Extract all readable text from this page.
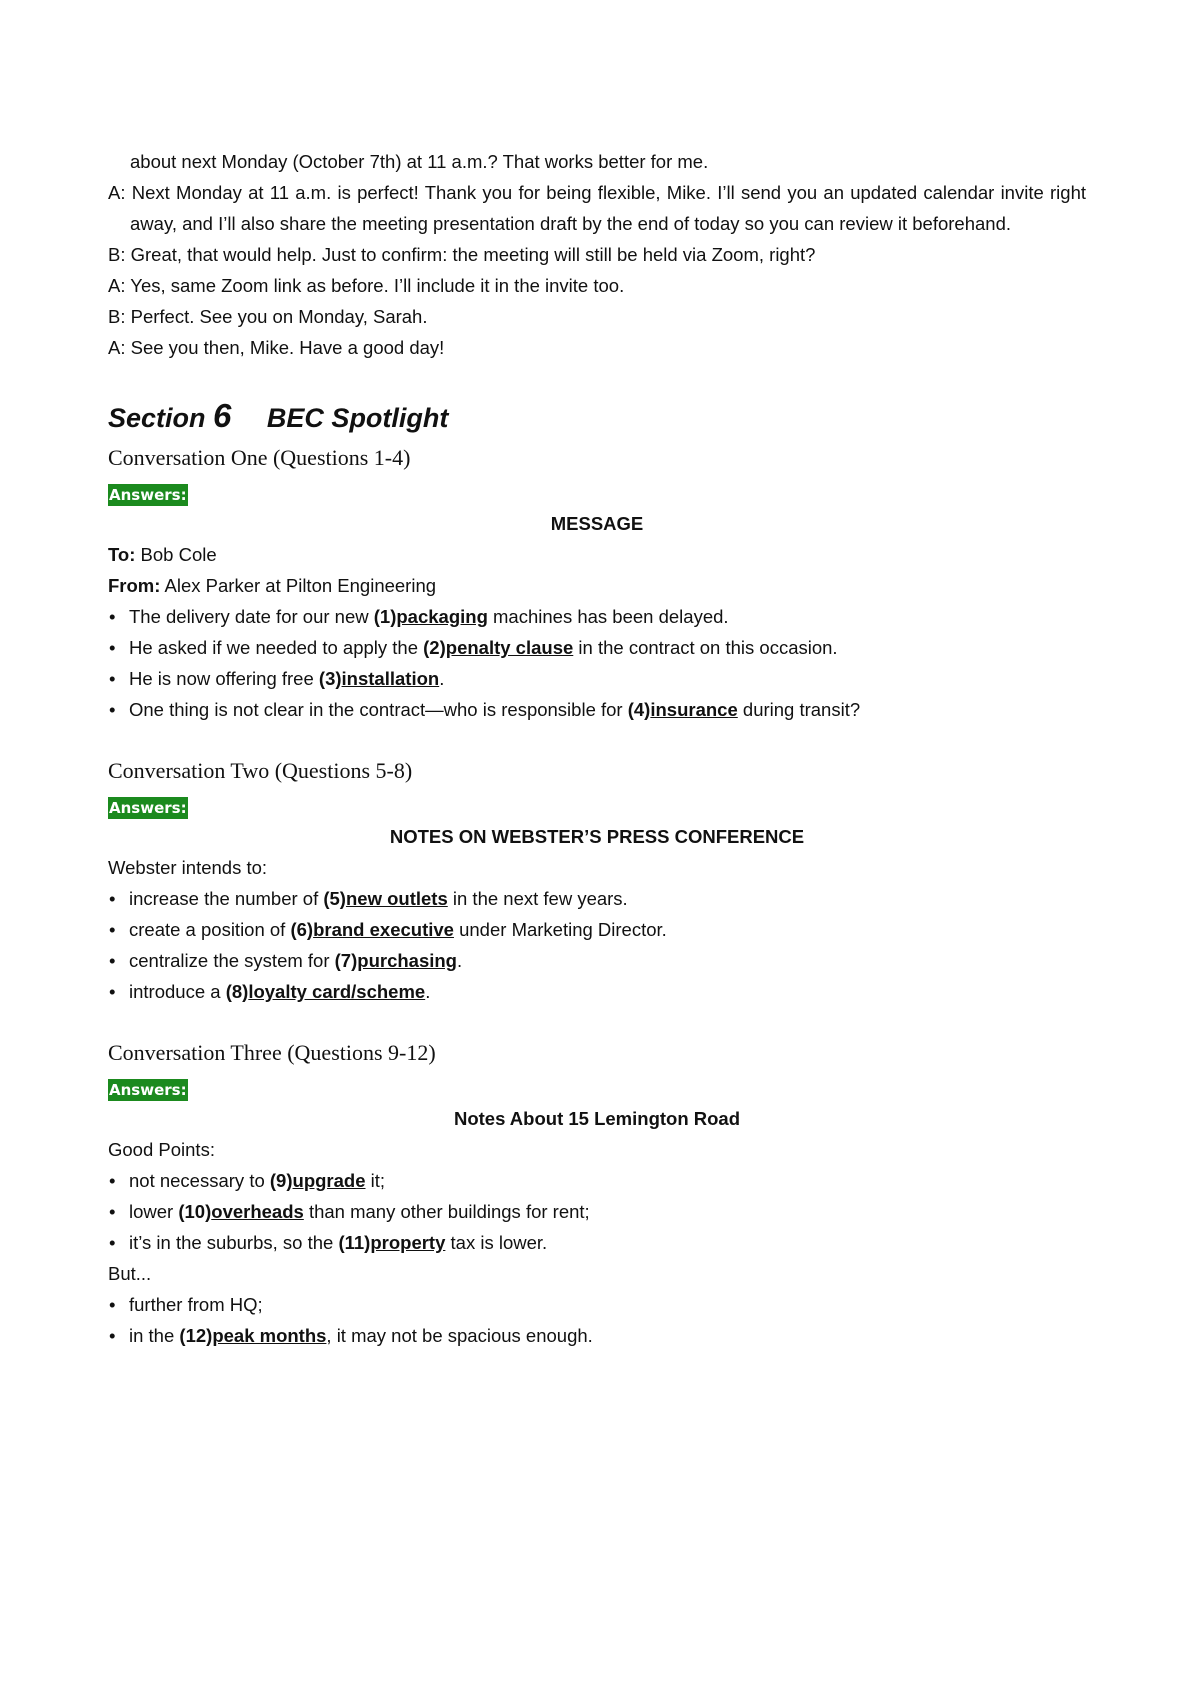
about next Monday (October 7th) at 11 a.m.? That works better for me.
A: Next Monday at 11 a.m. is perfect! Thank you for being flexible, Mike. I’ll send you an updated calendar invite right away, and I’ll also share the meeting presentation draft by the end of today so you can review it beforehand.
B: Great, that would help. Just to confirm: the meeting will still be held via Zoom, right?
A: Yes, same Zoom link as before. I’ll include it in the invite too.
B: Perfect. See you on Monday, Sarah.
A: See you then, Mike. Have a good day!
Section 6 BEC Spotlight
Conversation One (Questions 1-4)
Answers:
MESSAGE
To: Bob Cole
From: Alex Parker at Pilton Engineering
• The delivery date for our new (1)packaging machines has been delayed.
• He asked if we needed to apply the (2)penalty clause in the contract on this occasion.
• He is now offering free (3)installation.
• One thing is not clear in the contract—who is responsible for (4)insurance during transit?
Conversation Two (Questions 5-8)
Answers:
NOTES ON WEBSTER’S PRESS CONFERENCE
Webster intends to:
• increase the number of (5)new outlets in the next few years.
• create a position of (6)brand executive under Marketing Director.
• centralize the system for (7)purchasing.
• introduce a (8)loyalty card/scheme.
Conversation Three (Questions 9-12)
Answers:
Notes About 15 Lemington Road
Good Points:
• not necessary to (9)upgrade it;
• lower (10)overheads than many other buildings for rent;
• it’s in the suburbs, so the (11)property tax is lower.
But...
• further from HQ;
• in the (12)peak months, it may not be spacious enough.
